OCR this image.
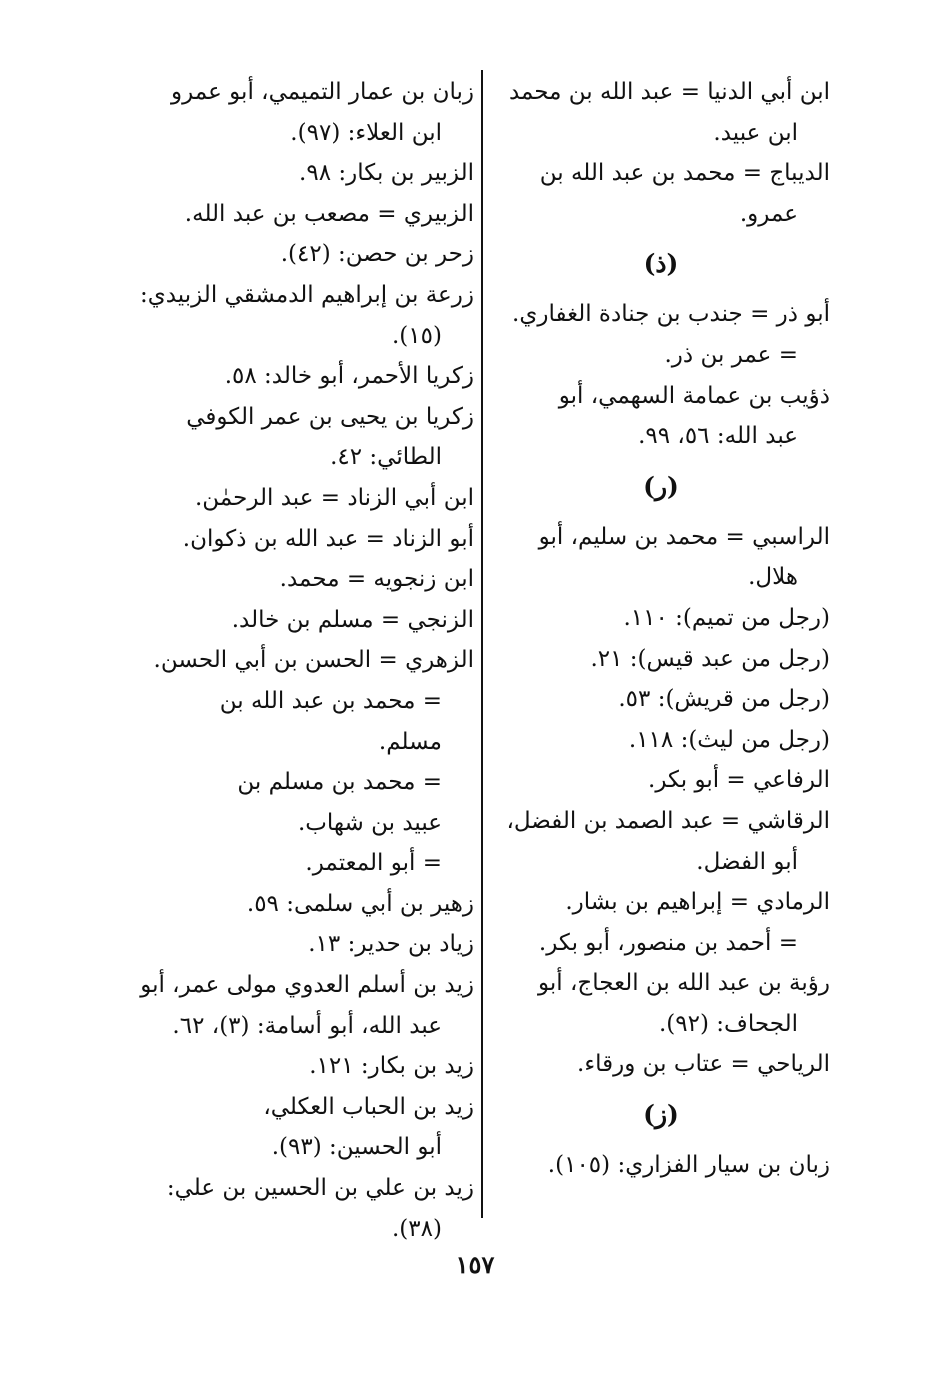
ابن أبي الدنيا = عبد الله بن محمد
ابن عبيد.
الديباج = محمد بن عبد الله بن
عمرو.
(ذ)
أبو ذر = جندب بن جنادة الغفاري.
= عمر بن ذر.
ذؤيب بن عمامة السهمي، أبو
عبد الله: ٥٦، ٩٩.
(ر)
الراسبي = محمد بن سليم، أبو
هلال.
(رجل من تميم): ١١٠.
(رجل من عبد قيس): ٢١.
(رجل من قريش): ٥٣.
(رجل من ليث): ١١٨.
الرفاعي = أبو بكر.
الرقاشي = عبد الصمد بن الفضل،
أبو الفضل.
الرمادي = إبراهيم بن بشار.
= أحمد بن منصور، أبو بكر.
رؤبة بن عبد الله بن العجاج، أبو
الجحاف: (٩٢).
الرياحي = عتاب بن ورقاء.
(ز)
زبان بن سيار الفزاري: (١٠٥).
زبان بن عمار التميمي، أبو عمرو
ابن العلاء: (٩٧).
الزبير بن بكار: ٩٨.
الزبيري = مصعب بن عبد الله.
زحر بن حصن: (٤٢).
زرعة بن إبراهيم الدمشقي الزبيدي:
(١٥).
زكريا الأحمر، أبو خالد: ٥٨.
زكريا بن يحيى بن عمر الكوفي
الطائي: ٤٢.
ابن أبي الزناد = عبد الرحمٰن.
أبو الزناد = عبد الله بن ذكوان.
ابن زنجويه = محمد.
الزنجي = مسلم بن خالد.
الزهري = الحسن بن أبي الحسن.
= محمد بن عبد الله بن
مسلم.
= محمد بن مسلم بن
عبيد بن شهاب.
= أبو المعتمر.
زهير بن أبي سلمى: ٥٩.
زياد بن حدير: ١٣.
زيد بن أسلم العدوي مولى عمر، أبو
عبد الله، أبو أسامة: (٣)، ٦٢.
زيد بن بكار: ١٢١.
زيد بن الحباب العكلي،
أبو الحسين: (٩٣).
زيد بن علي بن الحسين بن علي:
(٣٨).
١٥٧
